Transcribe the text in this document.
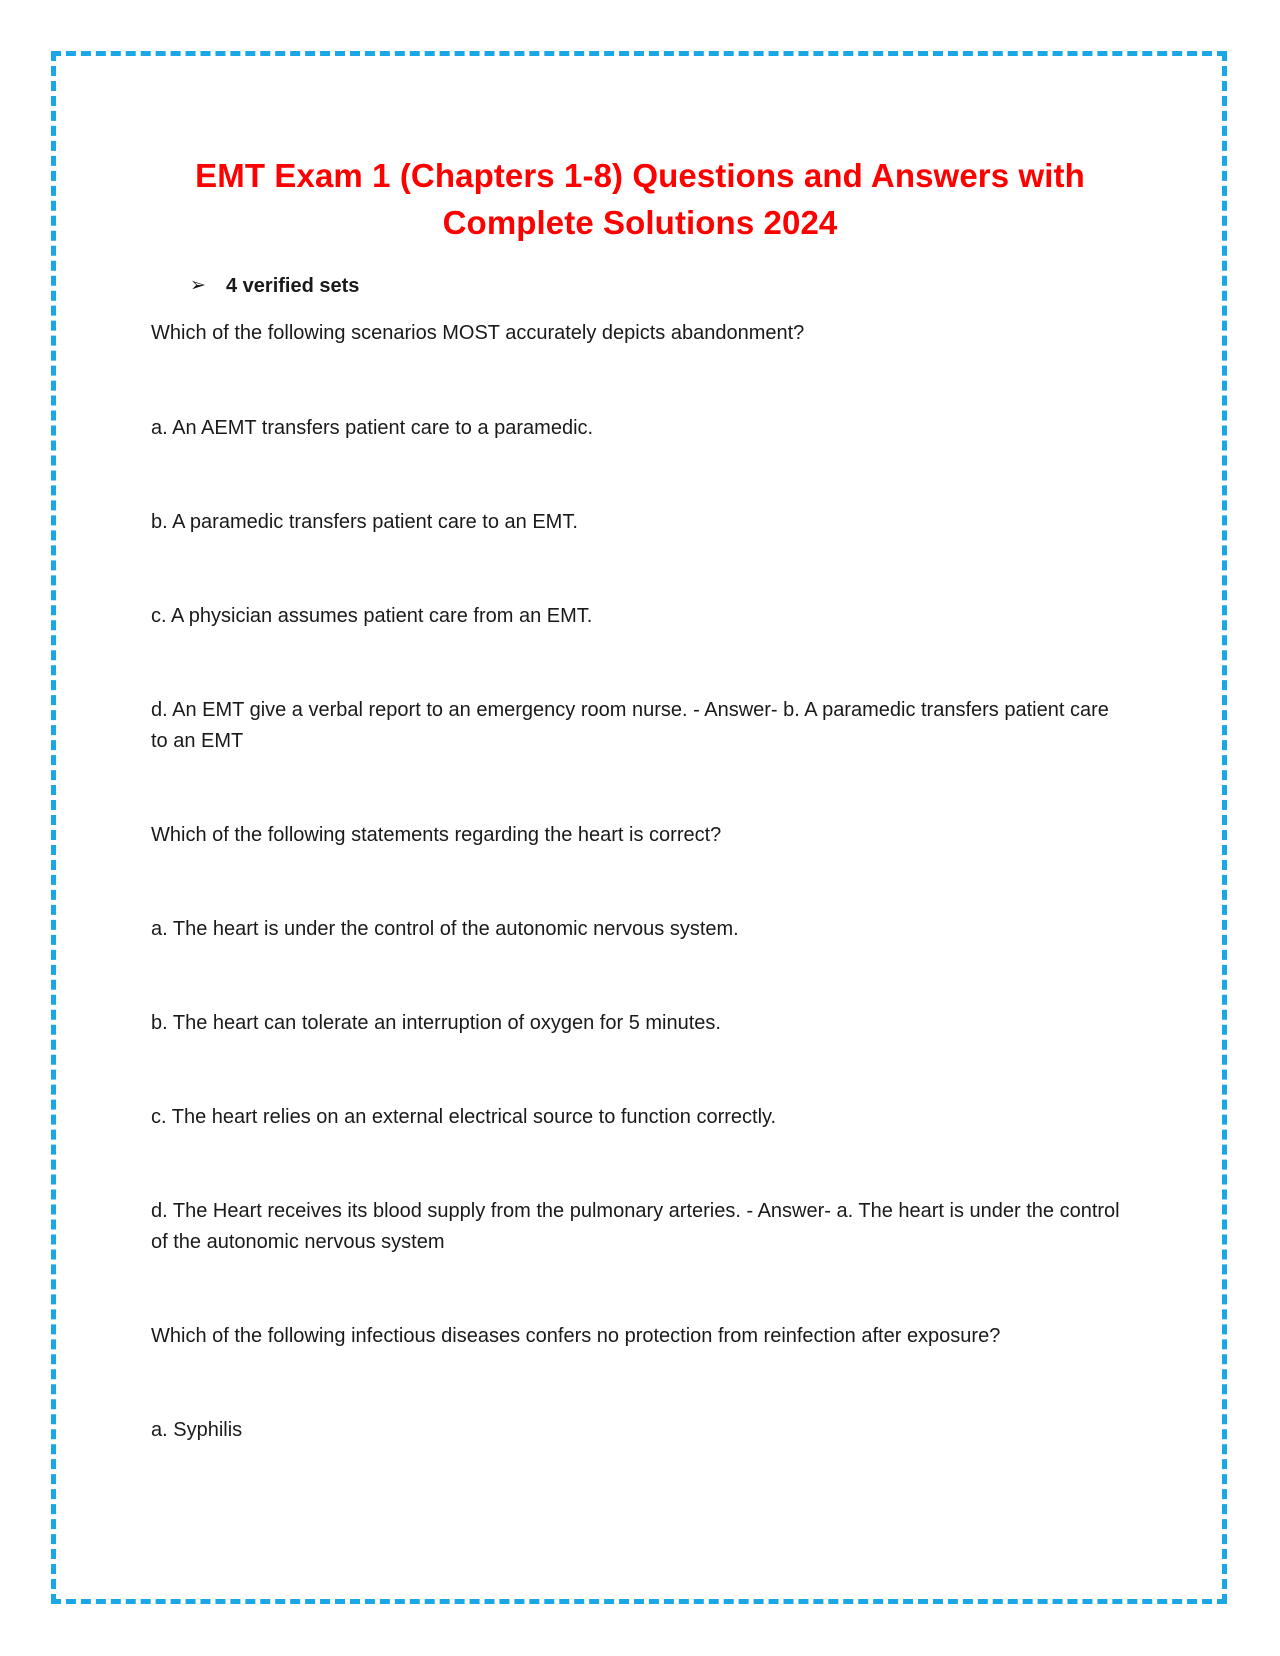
EMT Exam 1 (Chapters 1-8) Questions and Answers with
Complete Solutions 2024
➢	4 verified sets

Which of the following scenarios MOST accurately depicts abandonment?

a. An AEMT transfers patient care to a paramedic.

b. A paramedic transfers patient care to an EMT.

c. A physician assumes patient care from an EMT.

d. An EMT give a verbal report to an emergency room nurse. - Answer- b. A paramedic transfers patient care to an EMT

Which of the following statements regarding the heart is correct?

a. The heart is under the control of the autonomic nervous system.

b. The heart can tolerate an interruption of oxygen for 5 minutes.

c. The heart relies on an external electrical source to function correctly.

d. The Heart receives its blood supply from the pulmonary arteries. - Answer- a. The heart is under the control of the autonomic nervous system

Which of the following infectious diseases confers no protection from reinfection after exposure?

a. Syphilis
